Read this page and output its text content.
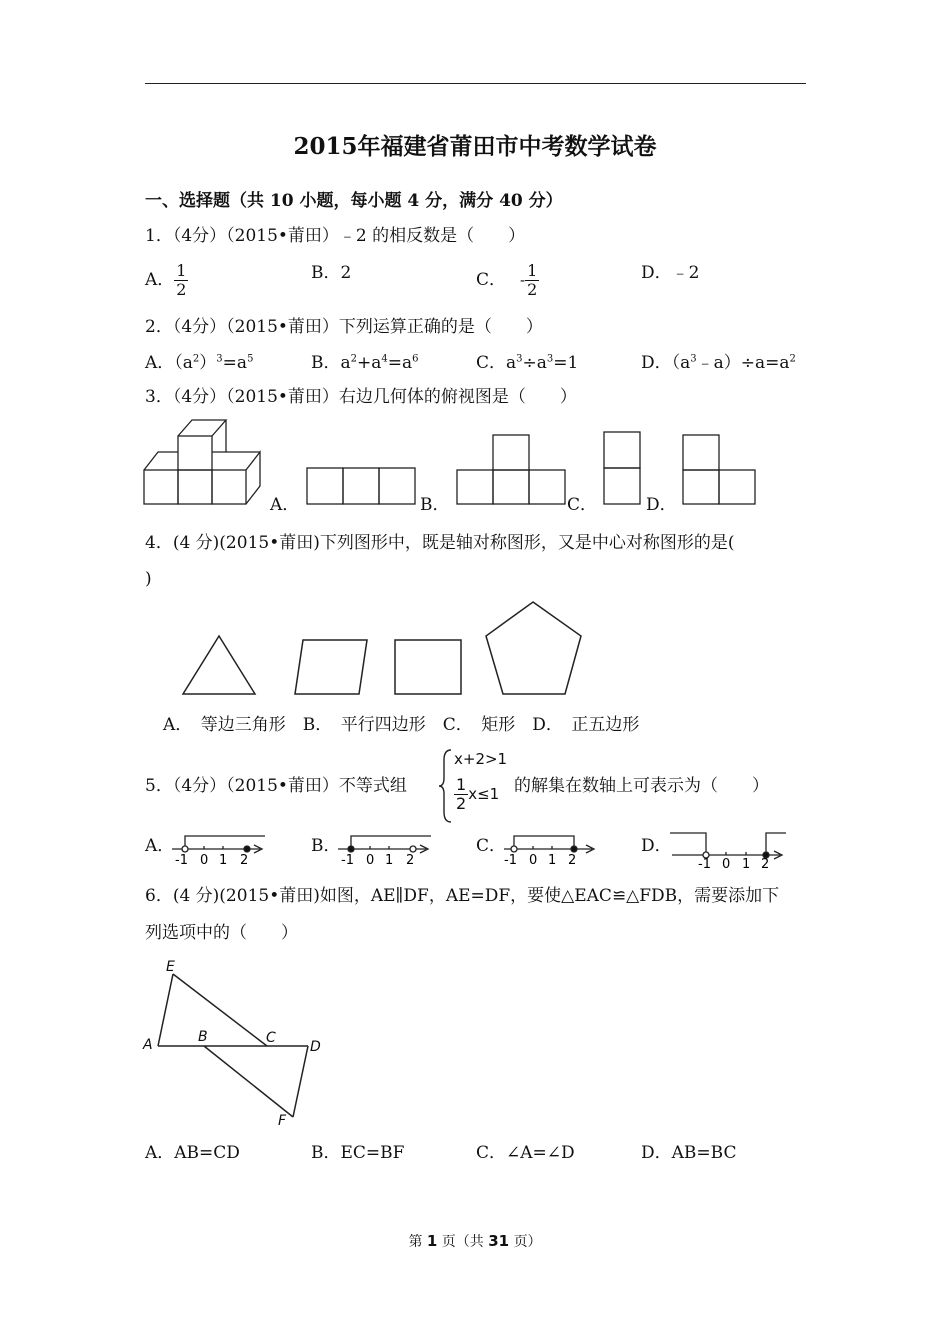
2015年福建省莆田市中考数学试卷
一、选择题（共 10 小题，每小题 4 分，满分 40 分）
1．（4分）（2015•莆田）﹣2 的相反数是（　　）
A． $\frac{1}{2}$	B．2	C． - $\frac{1}{2}$	D．﹣2
2．（4分）（2015•莆田）下列运算正确的是（　　）
A．$(a^2)^3=a^5$	B．$a^2+a^4=a^6$	C．$a^3\div a^3=1$	D．$(a^3﹣a)\div a=a^2$
3．（4分）（2015•莆田）右边几何体的俯视图是（　　）
A．	B．	C．	D．
4．(4 分)(2015•莆田)下列图形中，既是轴对称图形，又是中心对称图形的是(
)
A．　等边三角形　B．　平行四边形　C．　矩形　D．　正五边形
5．（4分）（2015•莆田）不等式组
x+2>1
$\frac{1}{2} x\le 1$ 的解集在数轴上可表示为（　　）
A．
-1 0 1 2
B．
-1 0 1 2
C．
-1 0 1 2
D．
-1 0 1 2
6．(4 分)(2015•莆田)如图，AE∥DF，AE=DF，要使△EAC≌△FDB，需要添加下
列选项中的（　　）
E
A	B	C
D
F
A．AB=CD	B．EC=BF	C．∠A=∠D	D．AB=BC
第 1 页（共 31 页）
